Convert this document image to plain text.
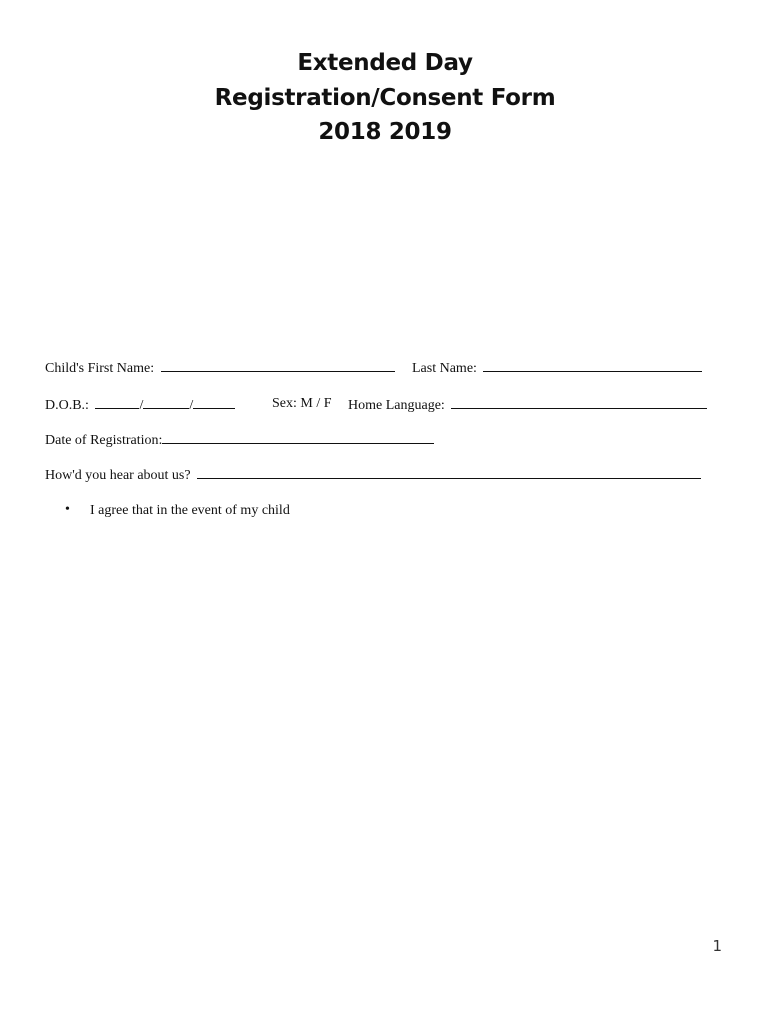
Extended Day
Registration/Consent Form
2018 2019
Child's First Name:	Last Name:
D.O.B.:	/	/	Sex: M / F Home Language:
Date of Registration:
How'd you hear about us?
• I agree that in the event of my child
1
